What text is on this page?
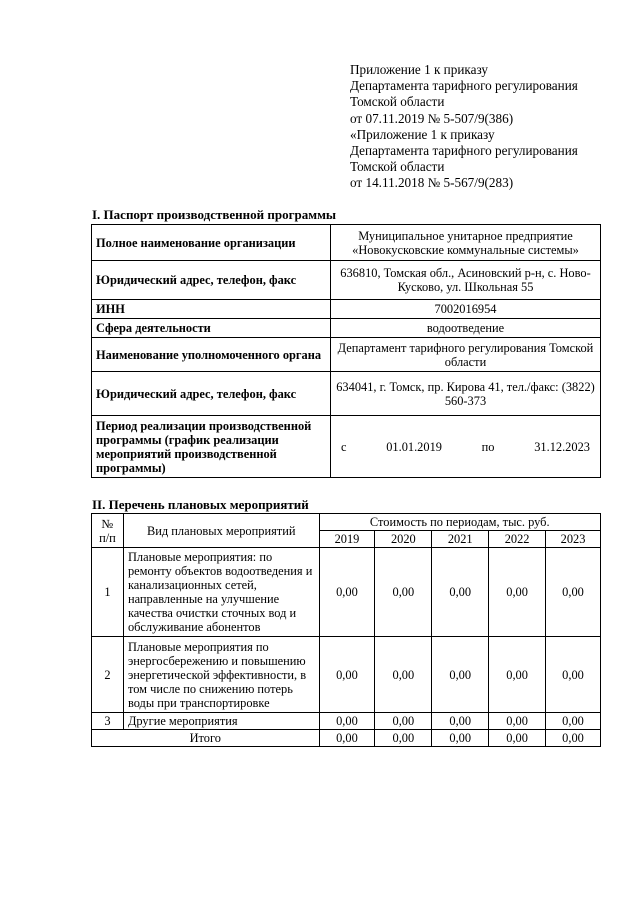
Приложение 1 к приказу
Департамента тарифного регулирования
Томской области
от 07.11.2019 № 5-507/9(386)
«Приложение 1 к приказу
Департамента тарифного регулирования
Томской области
от 14.11.2018 № 5-567/9(283)
I. Паспорт производственной программы
Полное наименование организации	Муниципальное унитарное предприятие «Новокусковские коммунальные системы»
Юридический адрес, телефон, факс	636810, Томская обл., Асиновский р-н, с. Ново-Кусково, ул. Школьная 55
ИНН	7002016954
Сфера деятельности	водоотведение
Наименование уполномоченного органа	Департамент тарифного регулирования Томской области
Юридический адрес, телефон, факс	634041, г. Томск, пр. Кирова 41, тел./факс: (3822) 560-373
Период реализации производственной программы (график реализации мероприятий производственной программы)	с 01.01.2019 по 31.12.2023
II. Перечень плановых мероприятий
№ п/п	Вид плановых мероприятий	Стоимость по периодам, тыс. руб.				
		2019	2020	2021	2022	2023
1	Плановые мероприятия: по ремонту объектов водоотведения и канализационных сетей, направленные на улучшение качества очистки сточных вод и обслуживание абонентов	0,00	0,00	0,00	0,00	0,00
2	Плановые мероприятия по энергосбережению и повышению энергетической эффективности, в том числе по снижению потерь воды при транспортировке	0,00	0,00	0,00	0,00	0,00
3	Другие мероприятия	0,00	0,00	0,00	0,00	0,00
Итого		0,00	0,00	0,00	0,00	0,00
